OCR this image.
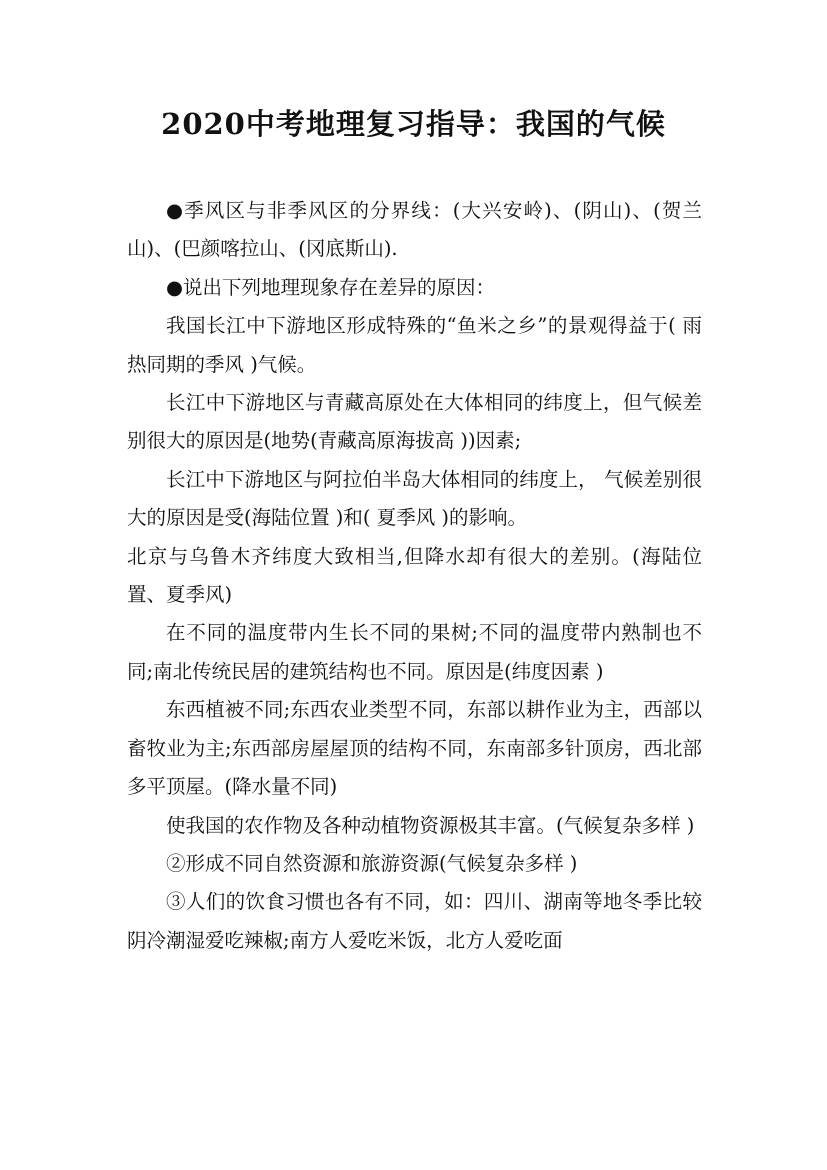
2020中考地理复习指导：我国的气候

●季风区与非季风区的分界线：(大兴安岭)、(阴山)、(贺兰山)、(巴颜喀拉山、(冈底斯山).

●说出下列地理现象存在差异的原因：

我国长江中下游地区形成特殊的“鱼米之乡”的景观得益于( 雨热同期的季风 )气候。

长江中下游地区与青藏高原处在大体相同的纬度上，但气候差别很大的原因是(地势(青藏高原海拔高 ))因素;

长江中下游地区与阿拉伯半岛大体相同的纬度上， 气候差别很大的原因是受(海陆位置 )和( 夏季风 )的影响。

北京与乌鲁木齐纬度大致相当,但降水却有很大的差别。(海陆位置、夏季风)

在不同的温度带内生长不同的果树;不同的温度带内熟制也不同;南北传统民居的建筑结构也不同。原因是(纬度因素 )

东西植被不同;东西农业类型不同，东部以耕作业为主，西部以畜牧业为主;东西部房屋屋顶的结构不同，东南部多针顶房，西北部多平顶屋。(降水量不同)

使我国的农作物及各种动植物资源极其丰富。(气候复杂多样 )

②形成不同自然资源和旅游资源(气候复杂多样 )

③人们的饮食习惯也各有不同，如：四川、湖南等地冬季比较阴冷潮湿爱吃辣椒;南方人爱吃米饭，北方人爱吃面
